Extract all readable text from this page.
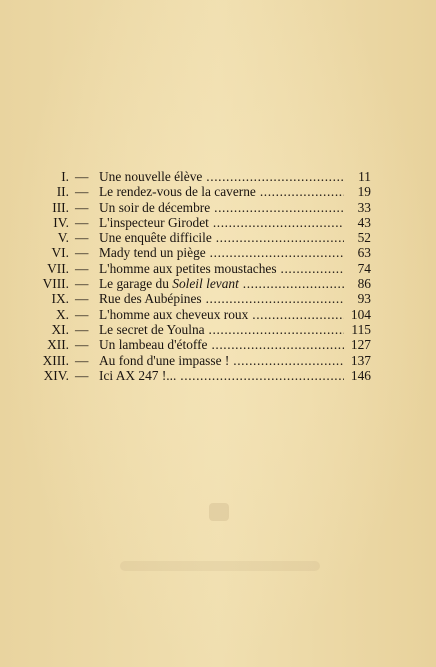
I. — Une nouvelle élève .....	11
II. — Le rendez-vous de la caverne .....	19
III. — Un soir de décembre .....	33
IV. — L'inspecteur Girodet .....	43
V. — Une enquête difficile .....	52
VI. — Mady tend un piège .....	63
VII. — L'homme aux petites moustaches .....	74
VIII. — Le garage du Soleil levant .....	86
IX. — Rue des Aubépines .....	93
X. — L'homme aux cheveux roux .....	104
XI. — Le secret de Youlna .....	115
XII. — Un lambeau d'étoffe .....	127
XIII. — Au fond d'une impasse ! .....	137
XIV. — Ici AX 247 !... .....	146
